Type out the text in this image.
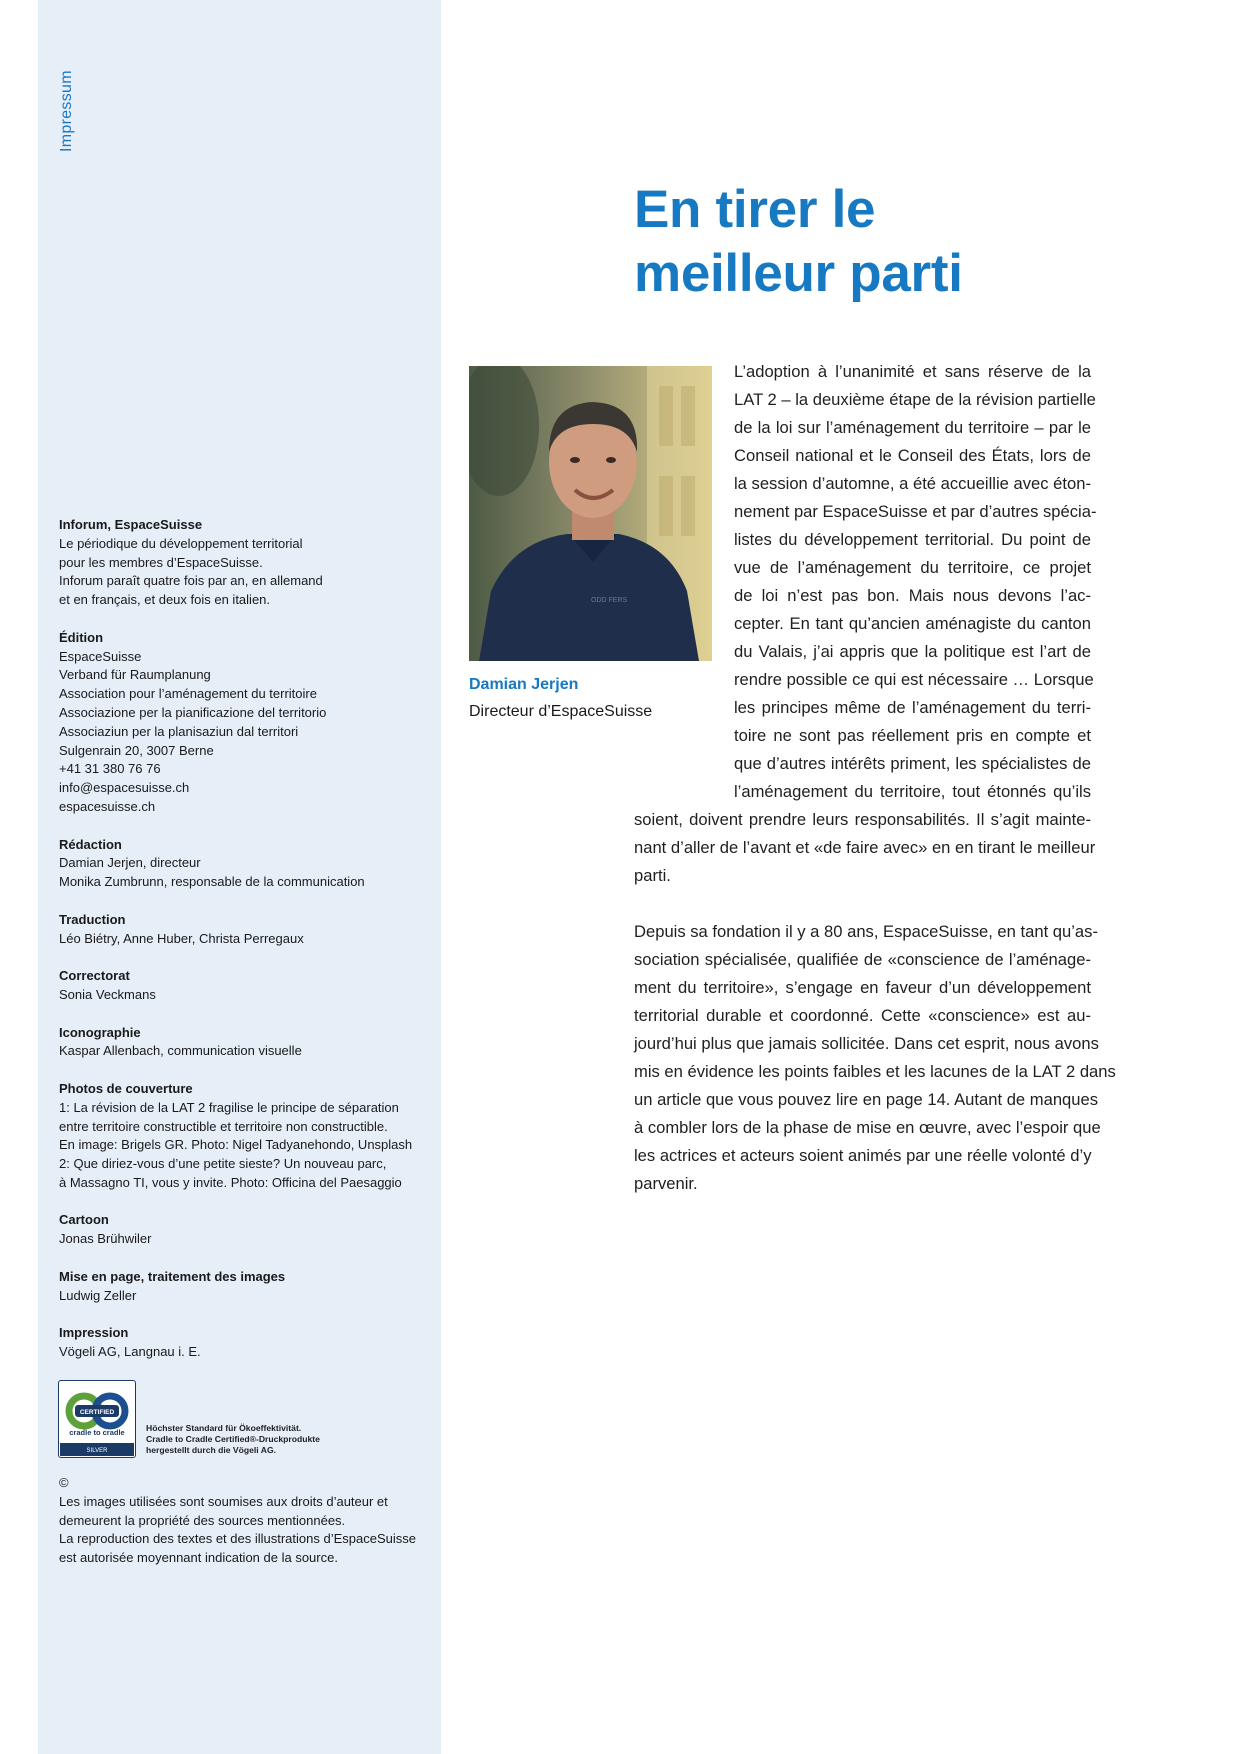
Impressum
Inforum, EspaceSuisse
Le périodique du développement territorial
pour les membres d’EspaceSuisse.
Inforum paraît quatre fois par an, en allemand
et en français, et deux fois en italien.
Édition
EspaceSuisse
Verband für Raumplanung
Association pour l’aménagement du territoire
Associazione per la pianificazione del territorio
Associaziun per la planisaziun dal territori
Sulgenrain 20, 3007 Berne
+41 31 380 76 76
info@espacesuisse.ch
espacesuisse.ch
Rédaction
Damian Jerjen, directeur
Monika Zumbrunn, responsable de la communication
Traduction
Léo Biétry, Anne Huber, Christa Perregaux
Correctorat
Sonia Veckmans
Iconographie
Kaspar Allenbach, communication visuelle
Photos de couverture
1: La révision de la LAT 2 fragilise le principe de séparation
entre territoire constructible et territoire non constructible.
En image: Brigels GR. Photo: Nigel Tadyanehondo, Unsplash
2: Que diriez-vous d’une petite sieste? Un nouveau parc,
à Massagno TI, vous y invite. Photo: Officina del Paesaggio
Cartoon
Jonas Brühwiler
Mise en page, traitement des images
Ludwig Zeller
Impression
Vögeli AG, Langnau i. E.
CERTIFIED
cradle to cradle
SILVER
Höchster Standard für Ökoeffektivität.
Cradle to Cradle Certified®-Druckprodukte
hergestellt durch die Vögeli AG.
©
Les images utilisées sont soumises aux droits d’auteur et
demeurent la propriété des sources mentionnées.
La reproduction des textes et des illustrations d’EspaceSuisse
est autorisée moyennant indication de la source.
En tirer le
meilleur parti
ODD FERS
Damian Jerjen
Directeur d’EspaceSuisse
L’adoption à l’unanimité et sans réserve de la
LAT 2 – la deuxième étape de la révision partielle
de la loi sur l’aménagement du territoire – par le
Conseil national et le Conseil des États, lors de
la session d’automne, a été accueillie avec éton-
nement par EspaceSuisse et par d’autres spécia-
listes du développement territorial. Du point de
vue de l’aménagement du territoire, ce projet
de loi n’est pas bon. Mais nous devons l’ac-
cepter. En tant qu’ancien aménagiste du canton
du Valais, j’ai appris que la politique est l’art de
rendre possible ce qui est nécessaire … Lorsque
les principes même de l’aménagement du terri-
toire ne sont pas réellement pris en compte et
que d’autres intérêts priment, les spécialistes de
l’aménagement du territoire, tout étonnés qu’ils
soient, doivent prendre leurs responsabilités. Il s’agit mainte-
nant d’aller de l’avant et «de faire avec» en en tirant le meilleur
parti.
Depuis sa fondation il y a 80 ans, EspaceSuisse, en tant qu’as-
sociation spécialisée, qualifiée de «conscience de l’aménage-
ment du territoire», s’engage en faveur d’un développement
territorial durable et coordonné. Cette «conscience» est au-
jourd’hui plus que jamais sollicitée. Dans cet esprit, nous avons
mis en évidence les points faibles et les lacunes de la LAT 2 dans
un article que vous pouvez lire en page 14. Autant de manques
à combler lors de la phase de mise en œuvre, avec l’espoir que
les actrices et acteurs soient animés par une réelle volonté d’y
parvenir.
